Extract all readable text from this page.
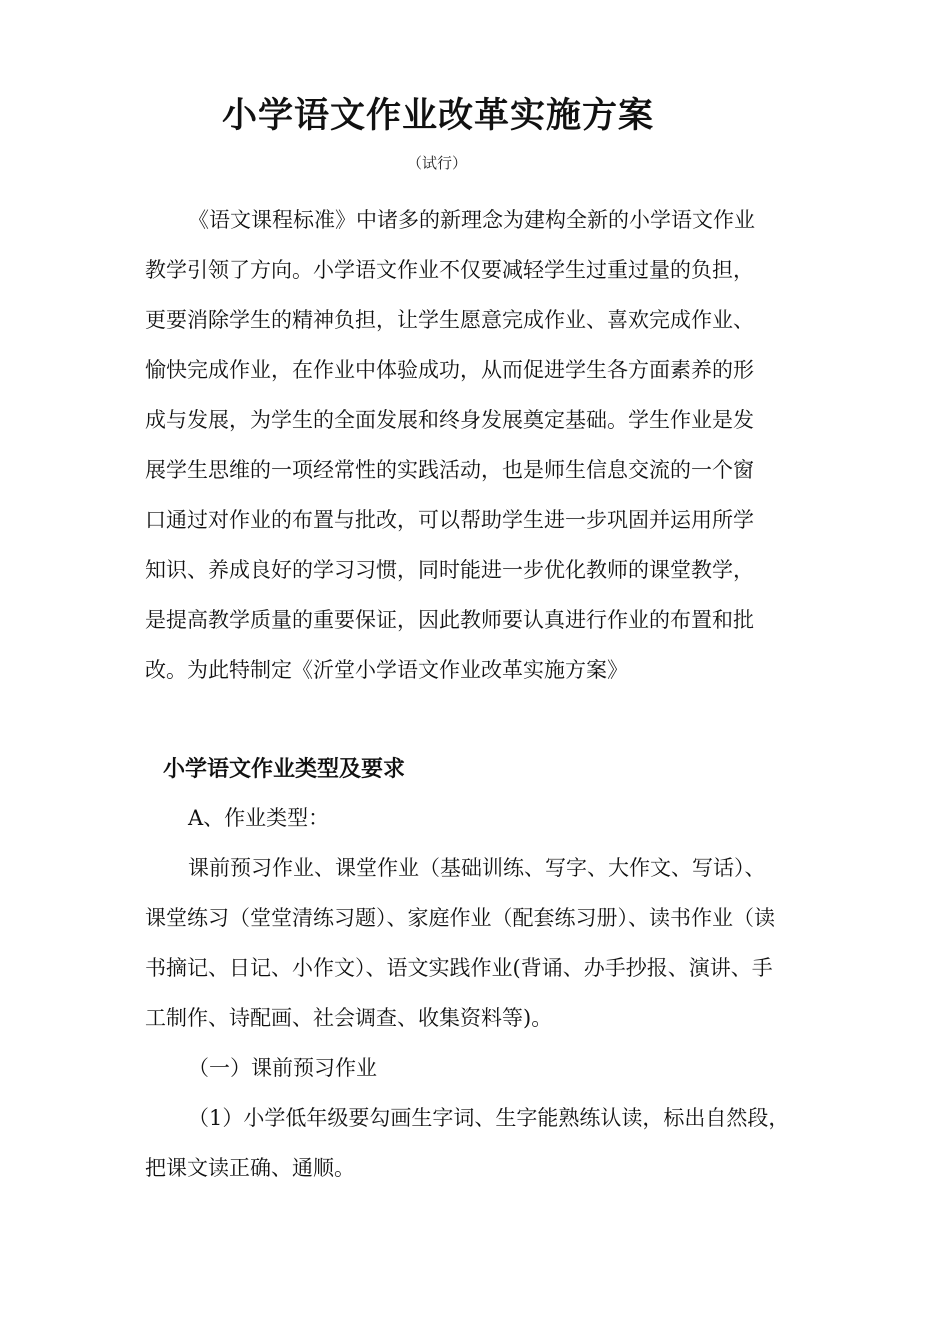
小学语文作业改革实施方案
（试行）
《语文课程标准》中诸多的新理念为建构全新的小学语文作业
教学引领了方向。小学语文作业不仅要减轻学生过重过量的负担，
更要消除学生的精神负担，让学生愿意完成作业、喜欢完成作业、
愉快完成作业，在作业中体验成功，从而促进学生各方面素养的形
成与发展，为学生的全面发展和终身发展奠定基础。学生作业是发
展学生思维的一项经常性的实践活动，也是师生信息交流的一个窗
口通过对作业的布置与批改，可以帮助学生进一步巩固并运用所学
知识、养成良好的学习习惯，同时能进一步优化教师的课堂教学，
是提高教学质量的重要保证，因此教师要认真进行作业的布置和批
改。为此特制定《沂堂小学语文作业改革实施方案》
小学语文作业类型及要求
A、作业类型：
课前预习作业、课堂作业（基础训练、写字、大作文、写话）、
课堂练习（堂堂清练习题）、家庭作业（配套练习册）、读书作业（读
书摘记、日记、小作文）、语文实践作业(背诵、办手抄报、演讲、手
工制作、诗配画、社会调查、收集资料等)。
（一）课前预习作业
（1）小学低年级要勾画生字词、生字能熟练认读，标出自然段，
把课文读正确、通顺。
